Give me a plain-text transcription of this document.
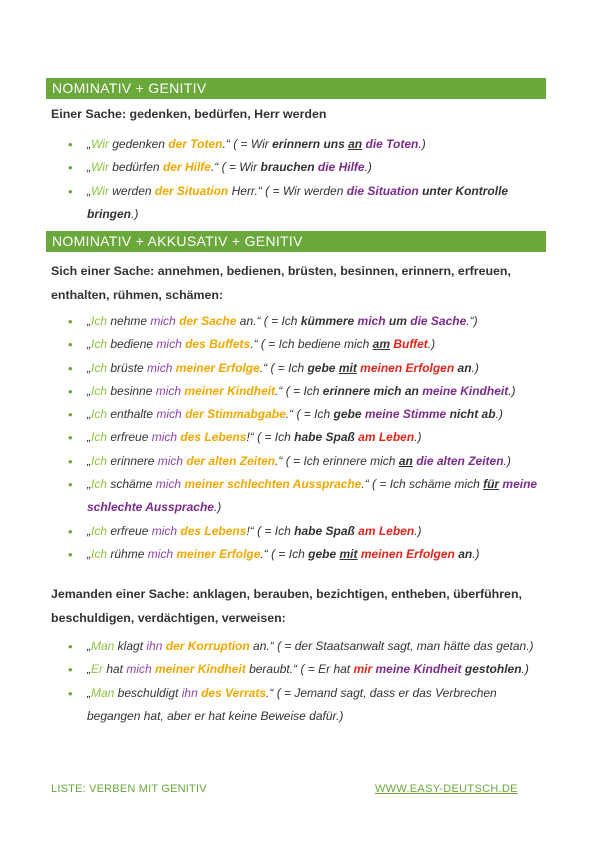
NOMINATIV + GENITIV
Einer Sache: gedenken, bedürfen, Herr werden
• „Wir gedenken der Toten.“ ( = Wir erinnern uns an die Toten.)
• „Wir bedürfen der Hilfe.“ ( = Wir brauchen die Hilfe.)
• „Wir werden der Situation Herr.“ ( = Wir werden die Situation unter Kontrolle bringen.)
NOMINATIV + AKKUSATIV + GENITIV
Sich einer Sache: annehmen, bedienen, brüsten, besinnen, erinnern, erfreuen, enthalten, rühmen, schämen:
• „Ich nehme mich der Sache an.“ ( = Ich kümmere mich um die Sache.“)
• „Ich bediene mich des Buffets.“ ( = Ich bediene mich am Buffet.)
• „Ich brüste mich meiner Erfolge.“ ( = Ich gebe mit meinen Erfolgen an.)
• „Ich besinne mich meiner Kindheit.“ ( = Ich erinnere mich an meine Kindheit.)
• „Ich enthalte mich der Stimmabgabe.“ ( = Ich gebe meine Stimme nicht ab.)
• „Ich erfreue mich des Lebens!“ ( = Ich habe Spaß am Leben.)
• „Ich erinnere mich der alten Zeiten.“ ( = Ich erinnere mich an die alten Zeiten.)
• „Ich schäme mich meiner schlechten Aussprache.“ ( = Ich schäme mich für meine schlechte Aussprache.)
• „Ich erfreue mich des Lebens!“ ( = Ich habe Spaß am Leben.)
• „Ich rühme mich meiner Erfolge.“ ( = Ich gebe mit meinen Erfolgen an.)
Jemanden einer Sache: anklagen, berauben, bezichtigen, entheben, überführen, beschuldigen, verdächtigen, verweisen:
• „Man klagt ihn der Korruption an.“ ( = der Staatsanwalt sagt, man hätte das getan.)
• „Er hat mich meiner Kindheit beraubt.“ ( = Er hat mir meine Kindheit gestohlen.)
• „Man beschuldigt ihn des Verrats.“ ( = Jemand sagt, dass er das Verbrechen begangen hat, aber er hat keine Beweise dafür.)
LISTE: VERBEN MIT GENITIV	WWW.EASY-DEUTSCH.DE
